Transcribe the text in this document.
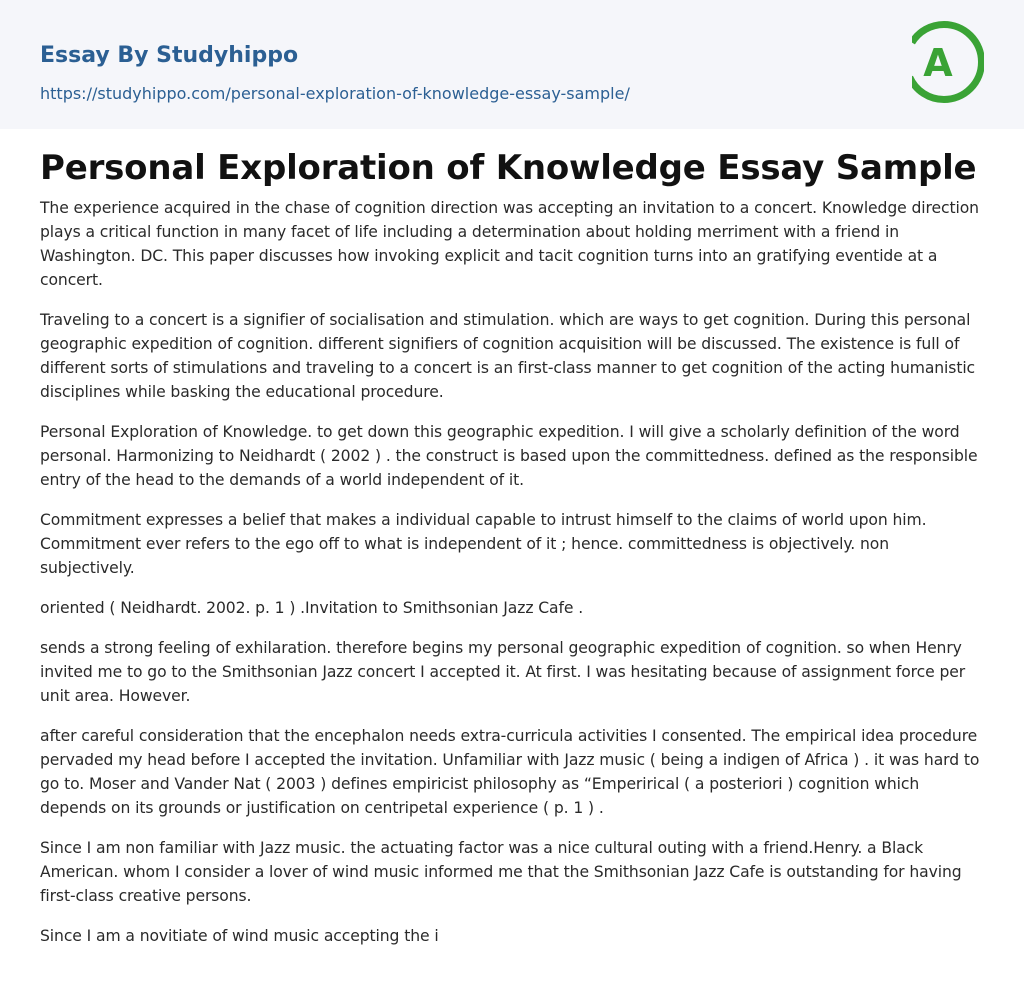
Essay By Studyhippo
https://studyhippo.com/personal-exploration-of-knowledge-essay-sample/
A
Personal Exploration of Knowledge Essay Sample

The experience acquired in the chase of cognition direction was accepting an invitation to a concert. Knowledge direction plays a critical function in many facet of life including a determination about holding merriment with a friend in Washington. DC. This paper discusses how invoking explicit and tacit cognition turns into an gratifying eventide at a concert.

Traveling to a concert is a signifier of socialisation and stimulation. which are ways to get cognition. During this personal geographic expedition of cognition. different signifiers of cognition acquisition will be discussed. The existence is full of different sorts of stimulations and traveling to a concert is an first-class manner to get cognition of the acting humanistic disciplines while basking the educational procedure.

Personal Exploration of Knowledge. to get down this geographic expedition. I will give a scholarly definition of the word personal. Harmonizing to Neidhardt ( 2002 ) . the construct is based upon the committedness. defined as the responsible entry of the head to the demands of a world independent of it.

Commitment expresses a belief that makes a individual capable to intrust himself to the claims of world upon him. Commitment ever refers to the ego off to what is independent of it ; hence. committedness is objectively. non subjectively.

oriented ( Neidhardt. 2002. p. 1 ) .Invitation to Smithsonian Jazz Cafe .

sends a strong feeling of exhilaration. therefore begins my personal geographic expedition of cognition. so when Henry invited me to go to the Smithsonian Jazz concert I accepted it. At first. I was hesitating because of assignment force per unit area. However.

after careful consideration that the encephalon needs extra-curricula activities I consented. The empirical idea procedure pervaded my head before I accepted the invitation. Unfamiliar with Jazz music ( being a indigen of Africa ) . it was hard to go to. Moser and Vander Nat ( 2003 ) defines empiricist philosophy as “Emperirical ( a posteriori ) cognition which depends on its grounds or justification on centripetal experience ( p. 1 ) .

Since I am non familiar with Jazz music. the actuating factor was a nice cultural outing with a friend.Henry. a Black American. whom I consider a lover of wind music informed me that the Smithsonian Jazz Cafe is outstanding for having first-class creative persons.

Since I am a novitiate of wind music accepting the i
